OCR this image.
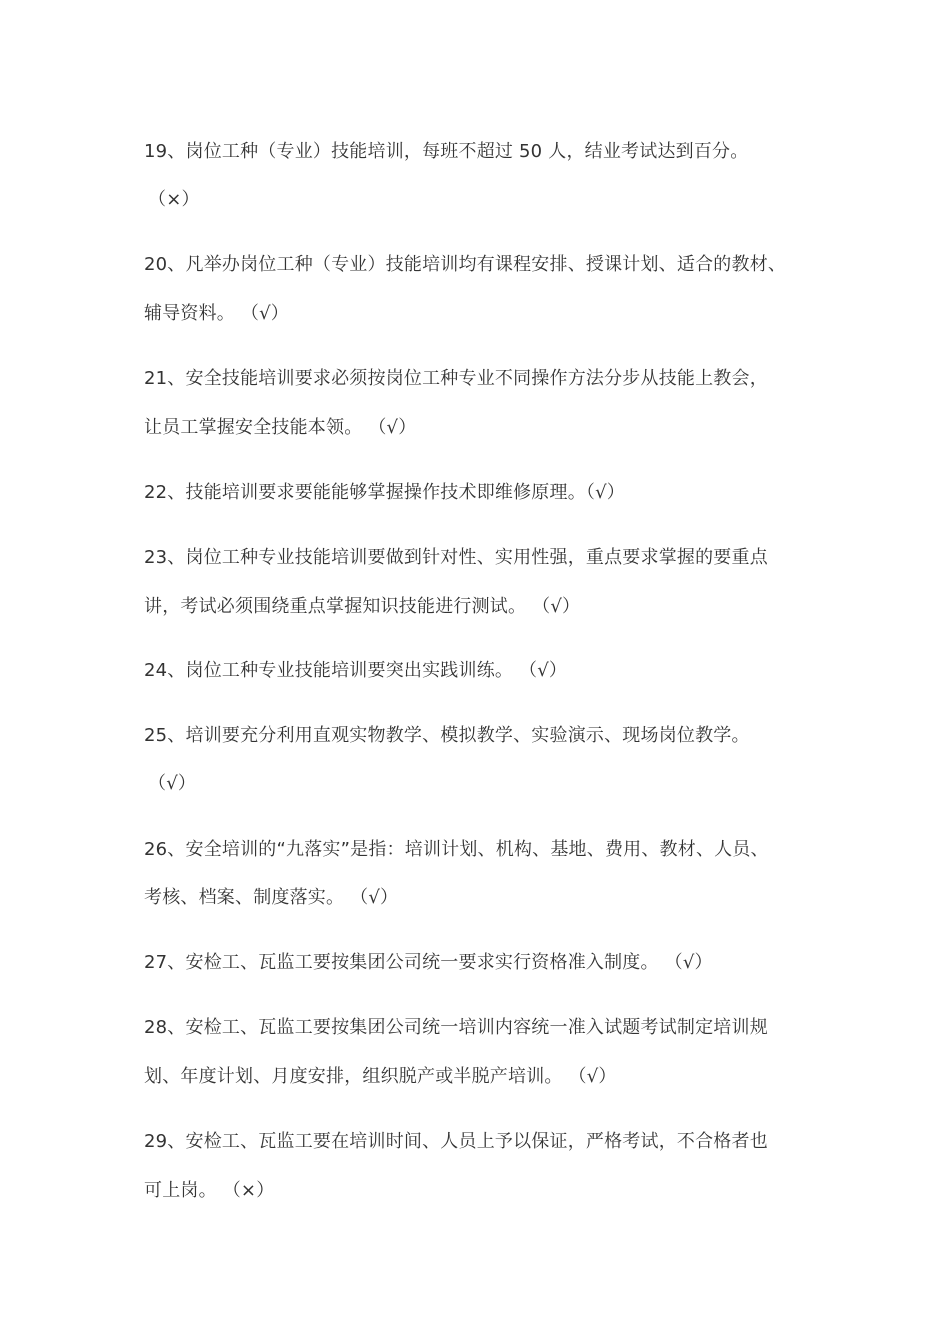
19、岗位工种（专业）技能培训，每班不超过 50 人，结业考试达到百分。
（×）
20、凡举办岗位工种（专业）技能培训均有课程安排、授课计划、适合的教材、
辅导资料。 （√）
21、安全技能培训要求必须按岗位工种专业不同操作方法分步从技能上教会，
让员工掌握安全技能本领。 （√）
22、技能培训要求要能能够掌握操作技术即维修原理。（√）
23、岗位工种专业技能培训要做到针对性、实用性强，重点要求掌握的要重点
讲，考试必须围绕重点掌握知识技能进行测试。 （√）
24、岗位工种专业技能培训要突出实践训练。 （√）
25、培训要充分利用直观实物教学、模拟教学、实验演示、现场岗位教学。
（√）
26、安全培训的“九落实”是指：培训计划、机构、基地、费用、教材、人员、
考核、档案、制度落实。 （√）
27、安检工、瓦监工要按集团公司统一要求实行资格准入制度。 （√）
28、安检工、瓦监工要按集团公司统一培训内容统一准入试题考试制定培训规
划、年度计划、月度安排，组织脱产或半脱产培训。 （√）
29、安检工、瓦监工要在培训时间、人员上予以保证，严格考试，不合格者也
可上岗。 （×）
